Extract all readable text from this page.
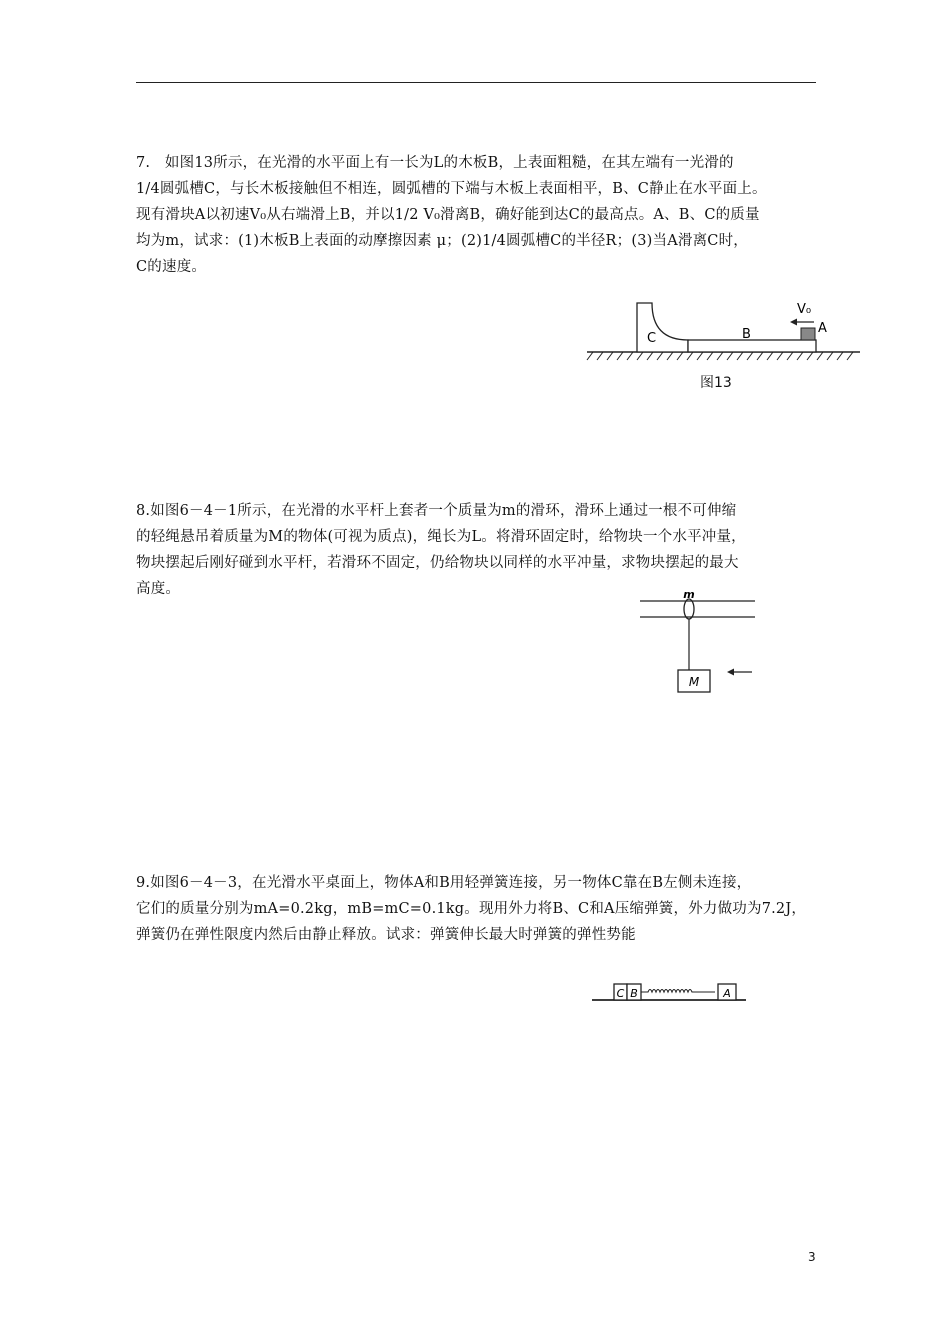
7.　如图13所示，在光滑的水平面上有一长为L的木板B，上表面粗糙，在其左端有一光滑的

1/4圆弧槽C，与长木板接触但不相连，圆弧槽的下端与木板上表面相平，B、C静止在水平面上。

现有滑块A以初速V₀从右端滑上B，并以1/2 V₀滑离B，确好能到达C的最高点。A、B、C的质量

均为m，试求：(1)木板B上表面的动摩擦因素 μ；(2)1/4圆弧槽C的半径R；(3)当A滑离C时，

C的速度。

C	B	A
V₀
图13

8.如图6－4－1所示，在光滑的水平杆上套者一个质量为m的滑环，滑环上通过一根不可伸缩

的轻绳悬吊着质量为M的物体(可视为质点)，绳长为L。将滑环固定时，给物块一个水平冲量，

物块摆起后刚好碰到水平杆，若滑环不固定，仍给物块以同样的水平冲量，求物块摆起的最大

高度。	m
M

9.如图6－4－3，在光滑水平桌面上，物体A和B用轻弹簧连接，另一物体C靠在B左侧未连接，

它们的质量分别为mA=0.2kg，mB=mC=0.1kg。现用外力将B、C和A压缩弹簧，外力做功为7.2J，

弹簧仍在弹性限度内然后由静止释放。试求：弹簧伸长最大时弹簧的弹性势能

C B	A
3
